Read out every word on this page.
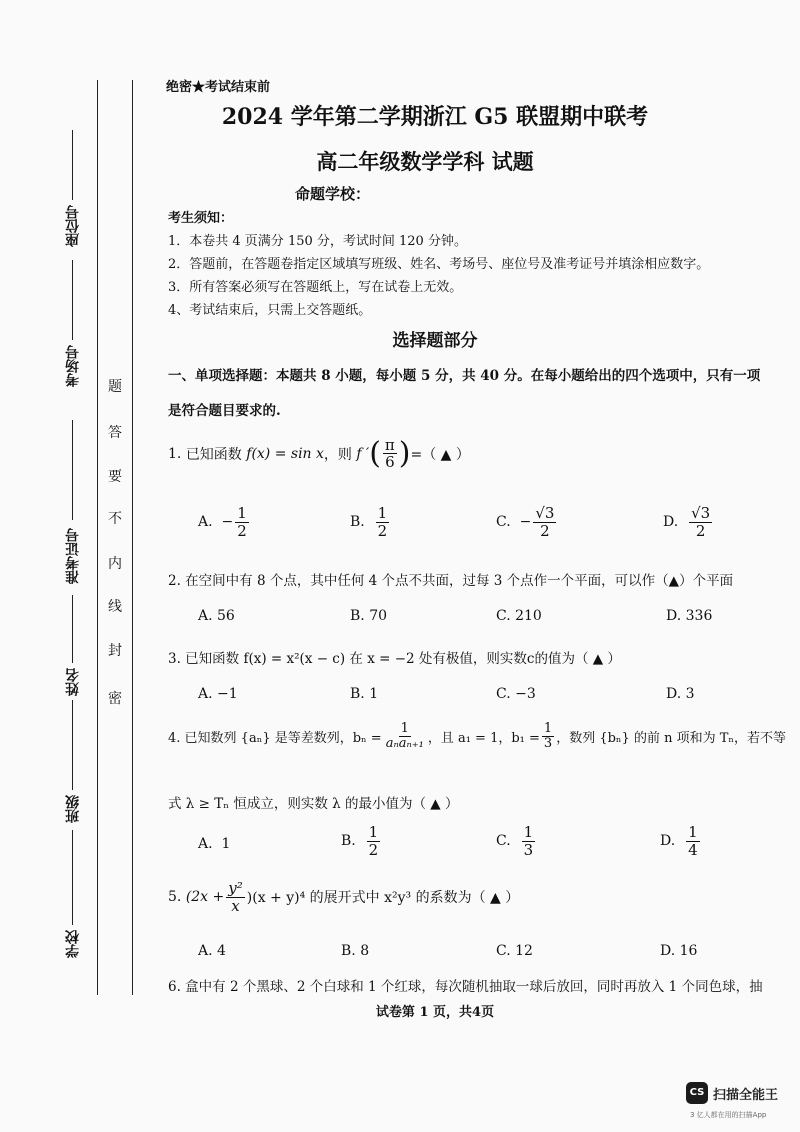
座位号
考场号
准考证号
姓名
班级
学校
题
答
要
不
内
线
封
密
绝密★考试结束前
2024 学年第二学期浙江 G5 联盟期中联考
高二年级数学学科 试题
命题学校：
考生须知：
1．本卷共 4 页满分 150 分，考试时间 120 分钟。
2．答题前，在答题卷指定区域填写班级、姓名、考场号、座位号及准考证号并填涂相应数字。
3．所有答案必须写在答题纸上，写在试卷上无效。
4、考试结束后，只需上交答题纸。
选择题部分
一、单项选择题：本题共 8 小题，每小题 5 分，共 40 分。在每小题给出的四个选项中，只有一项
是符合题目要求的.
1.
已知函数
f(x) = sin x ，则
f ′ ( $\frac{\pi}{6}$ ) =（ ▲ ）
A.
− $\frac{1}{2}$	B.
$\frac{1}{2}$	C.
− $\frac{√3}{2}$	D.
$\frac{√3}{2}$
2. 在空间中有 8 个点，其中任何 4 个点不共面，过每 3 个点作一个平面，可以作（▲）个平面
A. 56	B. 70	C. 210	D. 336
3. 已知函数 f(x) = x²(x − c) 在 x = −2 处有极值，则实数c的值为（ ▲ ）
A. −1	B. 1	C. −3	D. 3
4. 已知数列 {aₙ} 是等差数列，$b_n = \frac{1}{\text{aₙaₙ₊₁}}$ ，且 a₁ = 1，$b_1 = \frac{1}{3}$ ，数列 {bₙ} 的前 n 项和为 Tₙ，若不等
式 λ ≥ Tₙ 恒成立，则实数 λ 的最小值为（ ▲ ）
A. 1	B.
$\frac{1}{2}$	C.
$\frac{1}{3}$	D.
$\frac{1}{4}$
5.
$(2x + \frac{\text{y²}}{x} )(x + y)^4$ 的展开式中 x²y³ 的系数为（ ▲ ）
A. 4	B. 8	C. 12	D. 16
6. 盒中有 2 个黑球、2 个白球和 1 个红球，每次随机抽取一球后放回，同时再放入 1 个同色球，抽
试卷第 1 页，共4页
CS 扫描全能王
3 亿人都在用的扫描App
